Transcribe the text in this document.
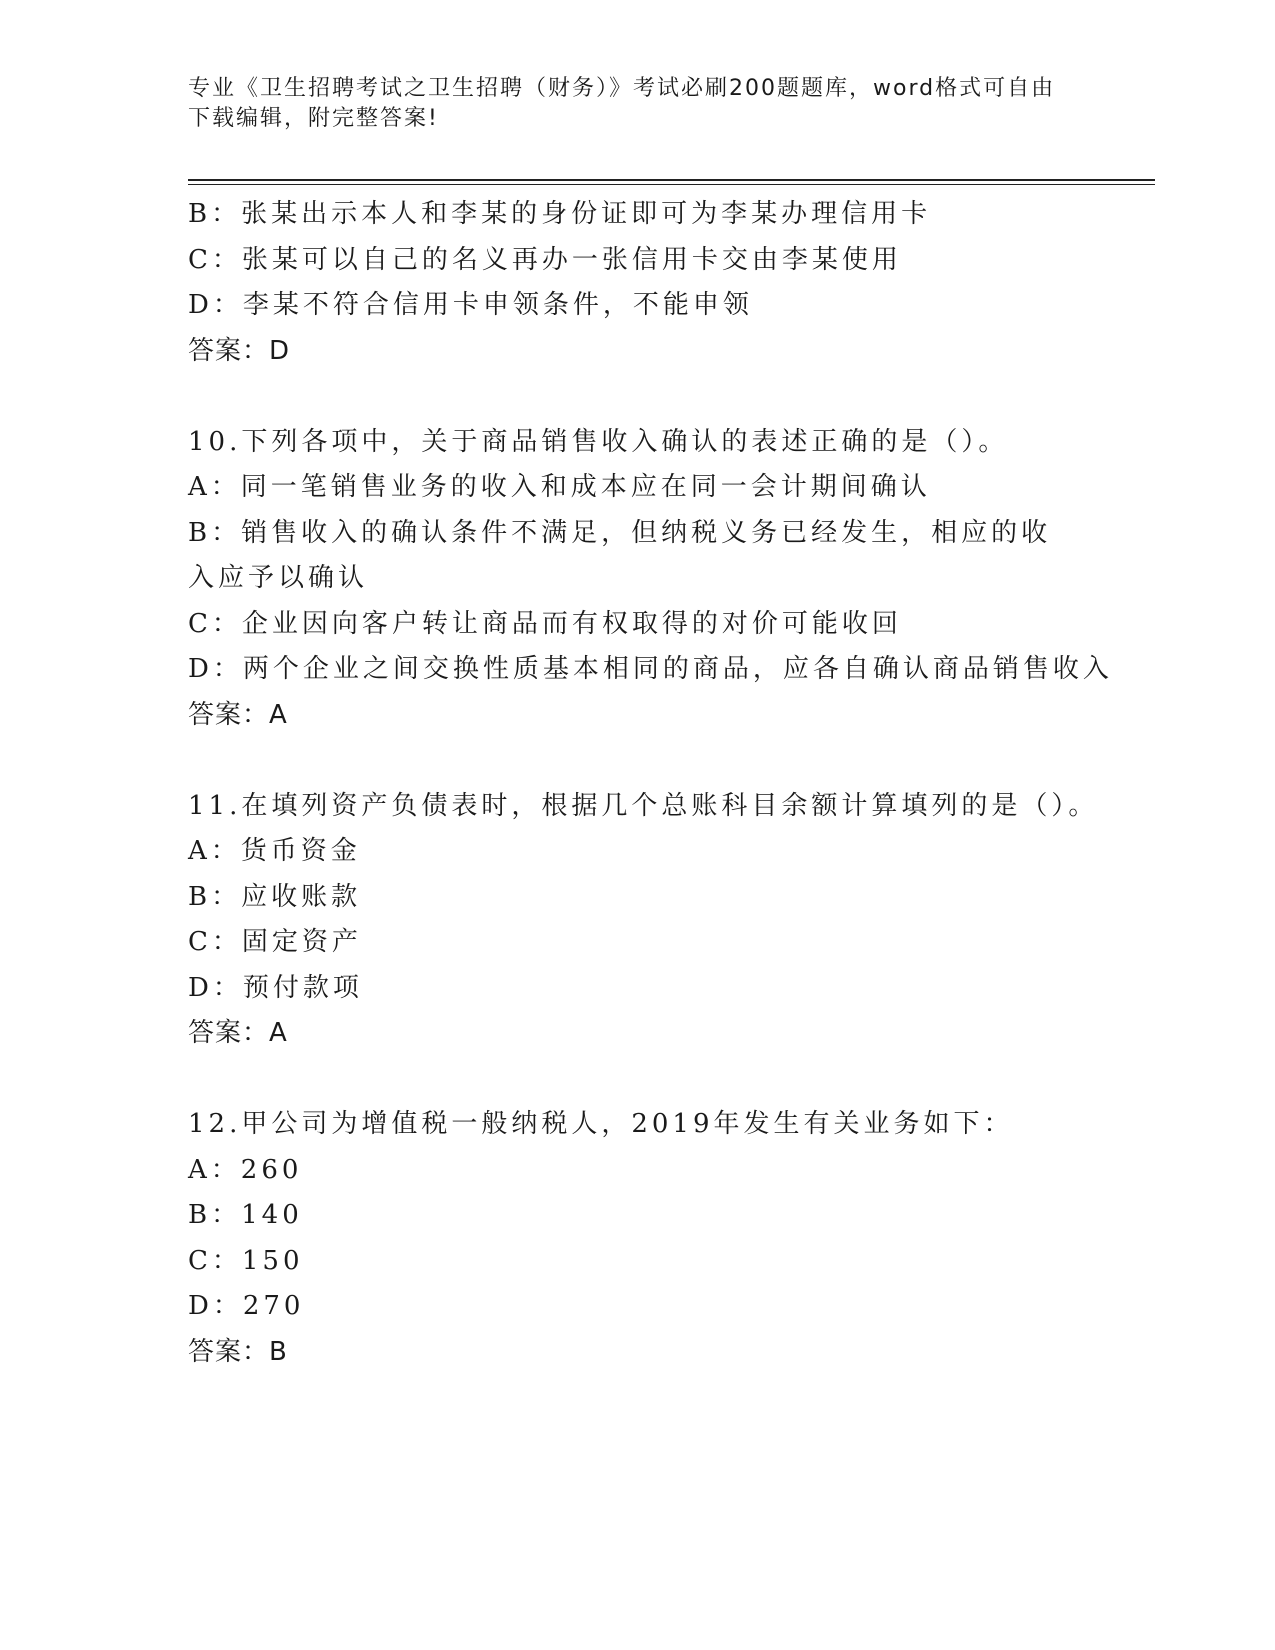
专业《卫生招聘考试之卫生招聘（财务）》考试必刷200题题库，word格式可自由下载编辑，附完整答案!
B：张某出示本人和李某的身份证即可为李某办理信用卡
C：张某可以自己的名义再办一张信用卡交由李某使用
D：李某不符合信用卡申领条件，不能申领
答案：D
10.下列各项中，关于商品销售收入确认的表述正确的是（）。
A：同一笔销售业务的收入和成本应在同一会计期间确认
B：销售收入的确认条件不满足，但纳税义务已经发生，相应的收入应予以确认
C：企业因向客户转让商品而有权取得的对价可能收回
D：两个企业之间交换性质基本相同的商品，应各自确认商品销售收入
答案：A
11.在填列资产负债表时，根据几个总账科目余额计算填列的是（）。
A：货币资金
B：应收账款
C：固定资产
D：预付款项
答案：A
12.甲公司为增值税一般纳税人，2019年发生有关业务如下：
A：260
B：140
C：150
D：270
答案：B
